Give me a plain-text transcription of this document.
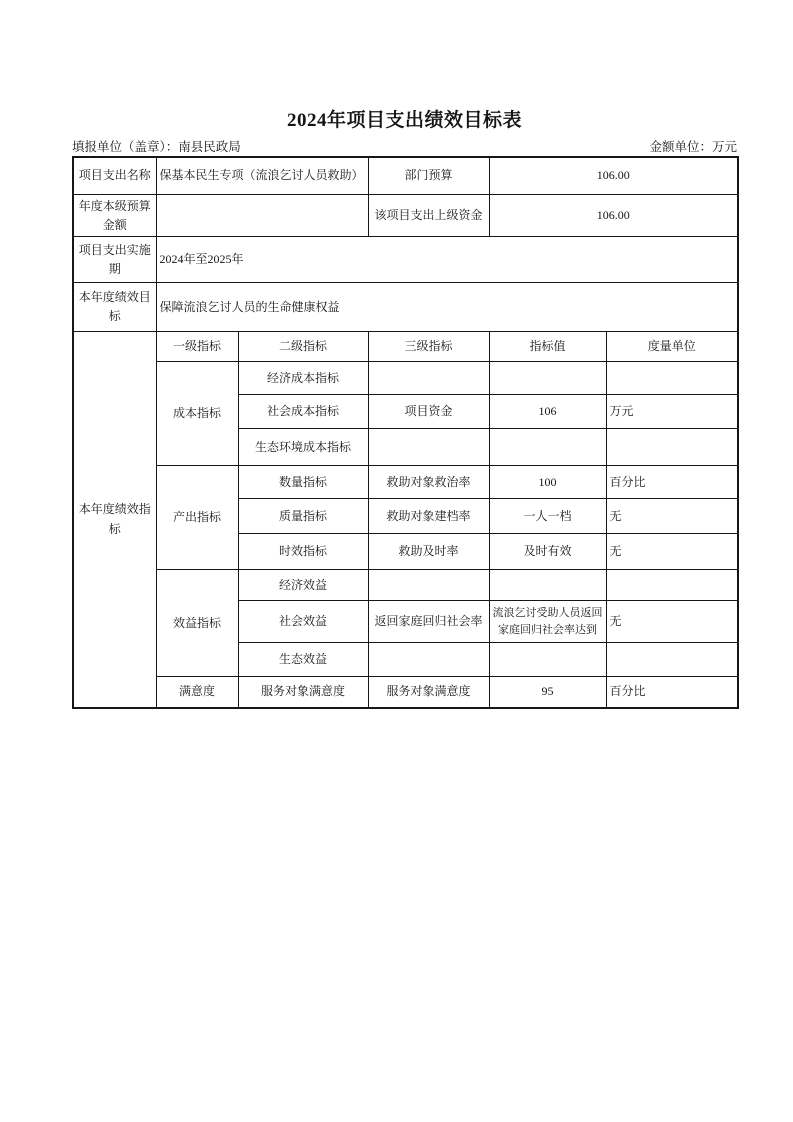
2024年项目支出绩效目标表
填报单位（盖章）：南县民政局	金额单位：万元
项目支出名称	保基本民生专项（流浪乞讨人员救助）		部门预算	106.00	
年度本级预算金额			该项目支出上级资金	106.00	
项目支出实施期	2024年至2025年				
本年度绩效目标	保障流浪乞讨人员的生命健康权益				
本年度绩效指标	一级指标	二级指标	三级指标	指标值	度量单位
	成本指标	经济成本指标			
		社会成本指标	项目资金	106	万元
		生态环境成本指标			
	产出指标	数量指标	救助对象救治率	100	百分比
		质量指标	救助对象建档率	一人一档	无
		时效指标	救助及时率	及时有效	无
	效益指标	经济效益			
		社会效益	返回家庭回归社会率	流浪乞讨受助人员返回家庭回归社会率达到	无
		生态效益			
	满意度	服务对象满意度	服务对象满意度	95	百分比
